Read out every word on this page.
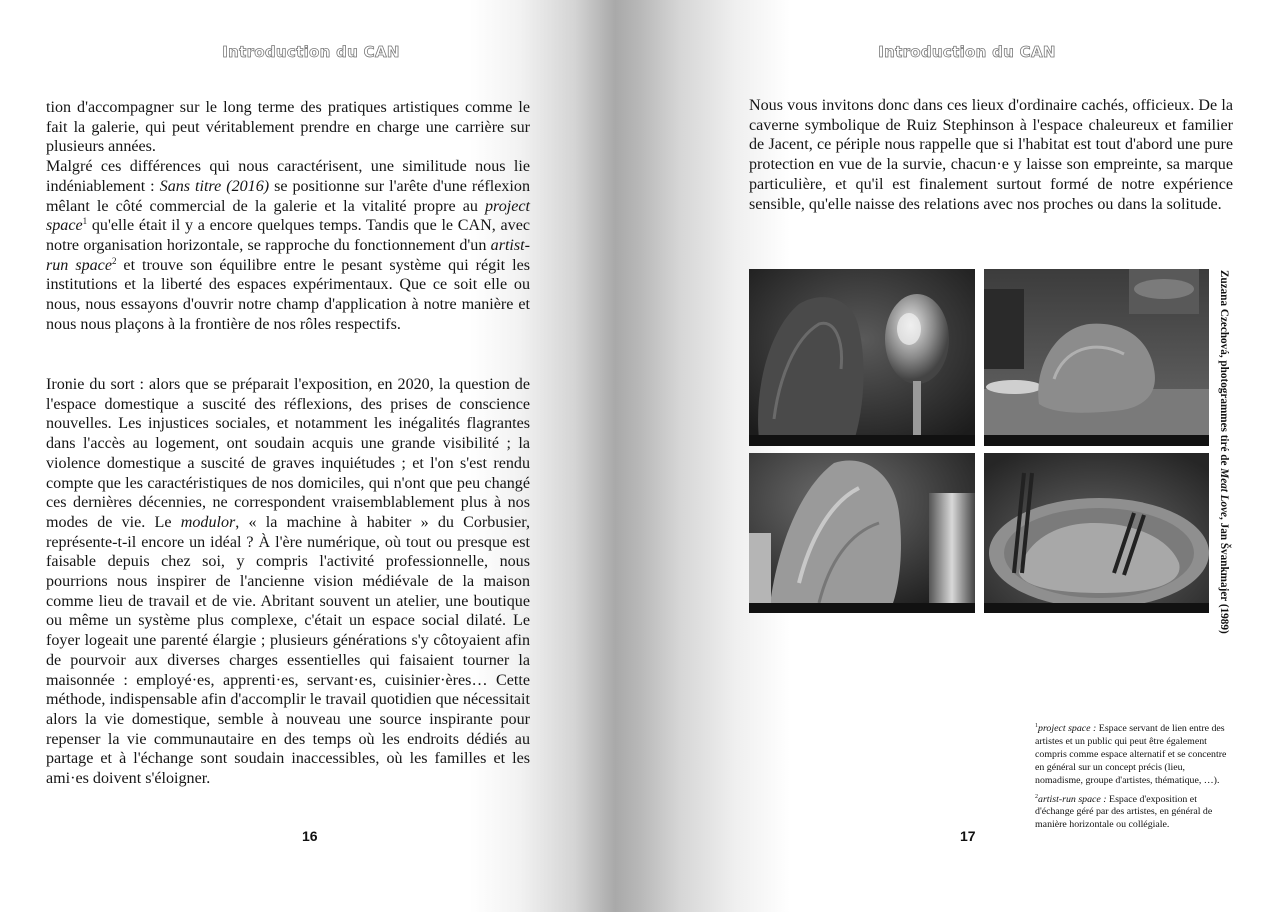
Introduction du CAN

tion d'accompagner sur le long terme des pratiques artistiques comme le fait la galerie, qui peut véritablement prendre en charge une carrière sur plusieurs années.

Malgré ces différences qui nous caractérisent, une similitude nous lie indéniablement : Sans titre (2016) se positionne sur l'arête d'une réflexion mêlant le côté commercial de la galerie et la vitalité propre au project space$^1$ qu'elle était il y a encore quelques temps. Tandis que le CAN, avec notre organisation horizontale, se rapproche du fonctionnement d'un artist-run space$^2$ et trouve son équilibre entre le pesant système qui régit les institutions et la liberté des espaces expérimentaux. Que ce soit elle ou nous, nous essayons d'ouvrir notre champ d'application à notre manière et nous nous plaçons à la frontière de nos rôles respectifs.

Ironie du sort : alors que se préparait l'exposition, en 2020, la question de l'espace domestique a suscité des réflexions, des prises de conscience nouvelles. Les injustices sociales, et notamment les inégalités flagrantes dans l'accès au logement, ont soudain acquis une grande visibilité ; la violence domestique a suscité de graves inquiétudes ; et l'on s'est rendu compte que les caractéristiques de nos domiciles, qui n'ont que peu changé ces dernières décennies, ne correspondent vraisemblablement plus à nos modes de vie. Le modulor, « la machine à habiter » du Corbusier, représente-t-il encore un idéal ? À l'ère numérique, où tout ou presque est faisable depuis chez soi, y compris l'activité professionnelle, nous pourrions nous inspirer de l'ancienne vision médiévale de la maison comme lieu de travail et de vie. Abritant souvent un atelier, une boutique ou même un système plus complexe, c'était un espace social dilaté. Le foyer logeait une parenté élargie ; plusieurs générations s'y côtoyaient afin de pourvoir aux diverses charges essentielles qui faisaient tourner la maisonnée : employé·es, apprenti·es, servant·es, cuisinier·ères… Cette méthode, indispensable afin d'accomplir le travail quotidien que nécessitait alors la vie domestique, semble à nouveau une source inspirante pour repenser la vie communautaire en des temps où les endroits dédiés au partage et à l'échange sont soudain inaccessibles, où les familles et les ami·es doivent s'éloigner.

16
Introduction du CAN

Nous vous invitons donc dans ces lieux d'ordinaire cachés, officieux. De la caverne symbolique de Ruiz Stephinson à l'espace chaleureux et familier de Jacent, ce périple nous rappelle que si l'habitat est tout d'abord une pure protection en vue de la survie, chacun·e y laisse son empreinte, sa marque particulière, et qu'il est finalement surtout formé de notre expérience sensible, qu'elle naisse des relations avec nos proches ou dans la solitude.

Zuzana Czechová, photogrammes tiré de Meat Love, Jan Švankmajer (1989)

$^1$project space : Espace servant de lien entre des artistes et un public qui peut être également compris comme espace alternatif et se concentre en général sur un concept précis (lieu, nomadisme, groupe d'artistes, thématique, …).

$^2$artist-run space : Espace d'exposition et d'échange géré par des artistes, en général de manière horizontale ou collégiale.

17
